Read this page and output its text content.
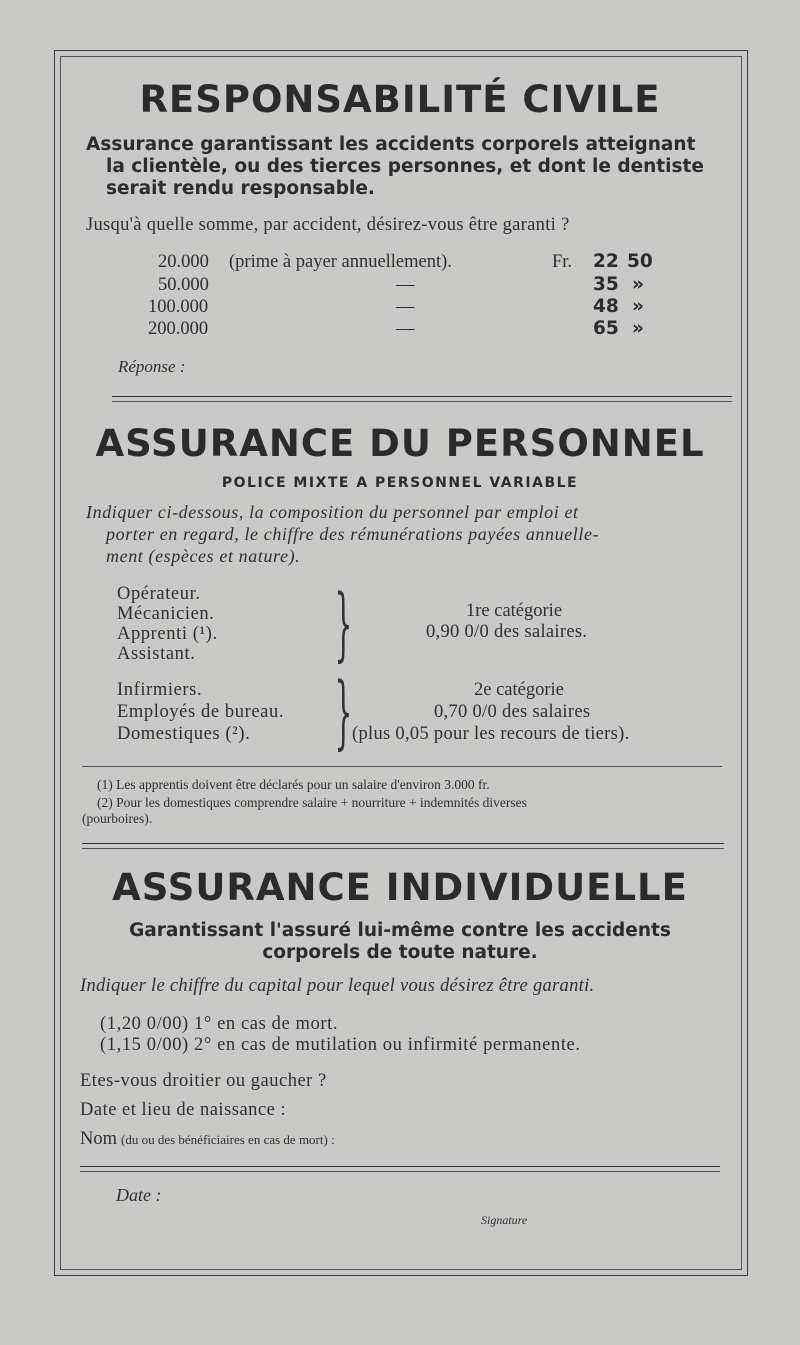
RESPONSABILITÉ CIVILE
Assurance garantissant les accidents corporels atteignant
la clientèle, ou des tierces personnes, et dont le dentiste
serait rendu responsable.
Jusqu'à quelle somme, par accident, désirez-vous être garanti ?
20.000 (prime à payer annuellement).	Fr. 22 50
50.000	—	35 »
100.000	—	48 »
200.000	—	65 »
Réponse :
ASSURANCE DU PERSONNEL
POLICE MIXTE A PERSONNEL VARIABLE
Indiquer ci-dessous, la composition du personnel par emploi et
porter en regard, le chiffre des rémunérations payées annuelle-
ment (espèces et nature).
Opérateur.
Mécanicien.
Apprenti (¹).
Assistant. }	1re catégorie
0,90 0/0 des salaires.
Infirmiers.
Employés de bureau.
Domestiques (²). }	2e catégorie
0,70 0/0 des salaires
(plus 0,05 pour les recours de tiers).
(1) Les apprentis doivent être déclarés pour un salaire d'environ 3.000 fr.
(2) Pour les domestiques comprendre salaire + nourriture + indemnités diverses
(pourboires).
ASSURANCE INDIVIDUELLE
Garantissant l'assuré lui-même contre les accidents
corporels de toute nature.
Indiquer le chiffre du capital pour lequel vous désirez être garanti.
(1,20 0/00) 1° en cas de mort.
(1,15 0/00) 2° en cas de mutilation ou infirmité permanente.
Etes-vous droitier ou gaucher ?
Date et lieu de naissance :
Nom (du ou des bénéficiaires en cas de mort) :
Date :
Signature
